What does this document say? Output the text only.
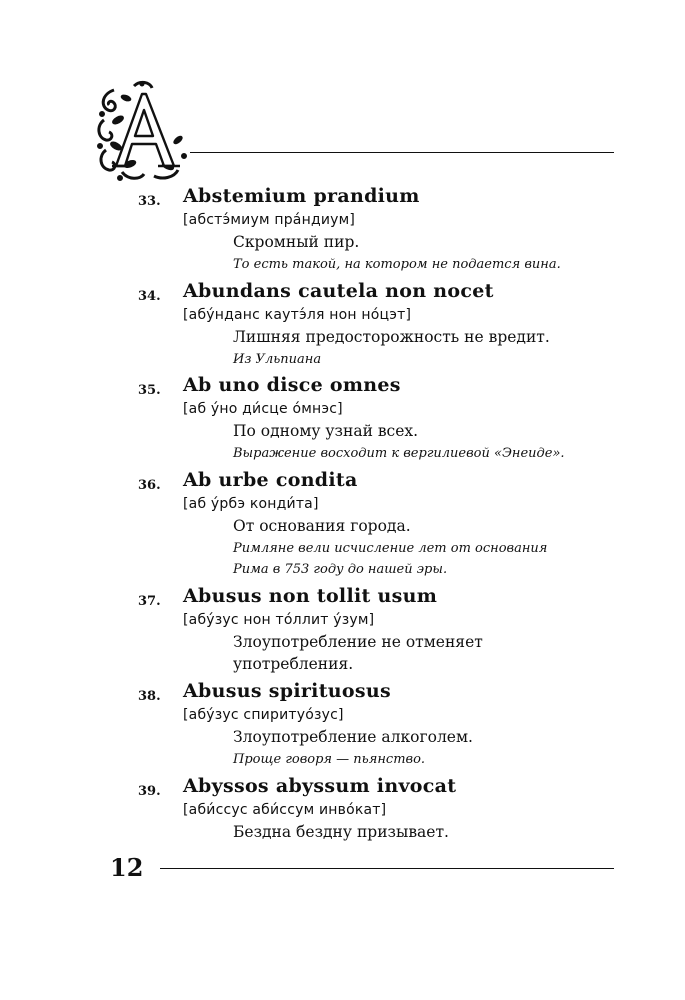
33.	Abstemium prandium
[абстэ́миум пра́ндиум]
Скромный пир.
То есть такой, на котором не подается вина.
34.	Abundans cautela non nocet
[абу́нданс каутэ́ля нон но́цэт]
Лишняя предосторожность не вредит.
Из Ульпиана
35.	Ab uno disce omnes
[аб у́но ди́сце о́мнэс]
По одному узнай всех.
Выражение восходит к вергилиевой «Энеиде».
36.	Ab urbe condita
[аб у́рбэ конди́та]
От основания города.
Римляне вели исчисление лет от основания
Рима в 753 году до нашей эры.
37.	Abusus non tollit usum
[абу́зус нон то́ллит у́зум]
Злоупотребление не отменяет
употребления.
38.	Abusus spirituosus
[абу́зус спиритуо́зус]
Злоупотребление алкоголем.
Проще говоря — пьянство.
39.	Abyssos abyssum invocat
[аби́ссус аби́ссум инво́кат]
Бездна бездну призывает.
12
